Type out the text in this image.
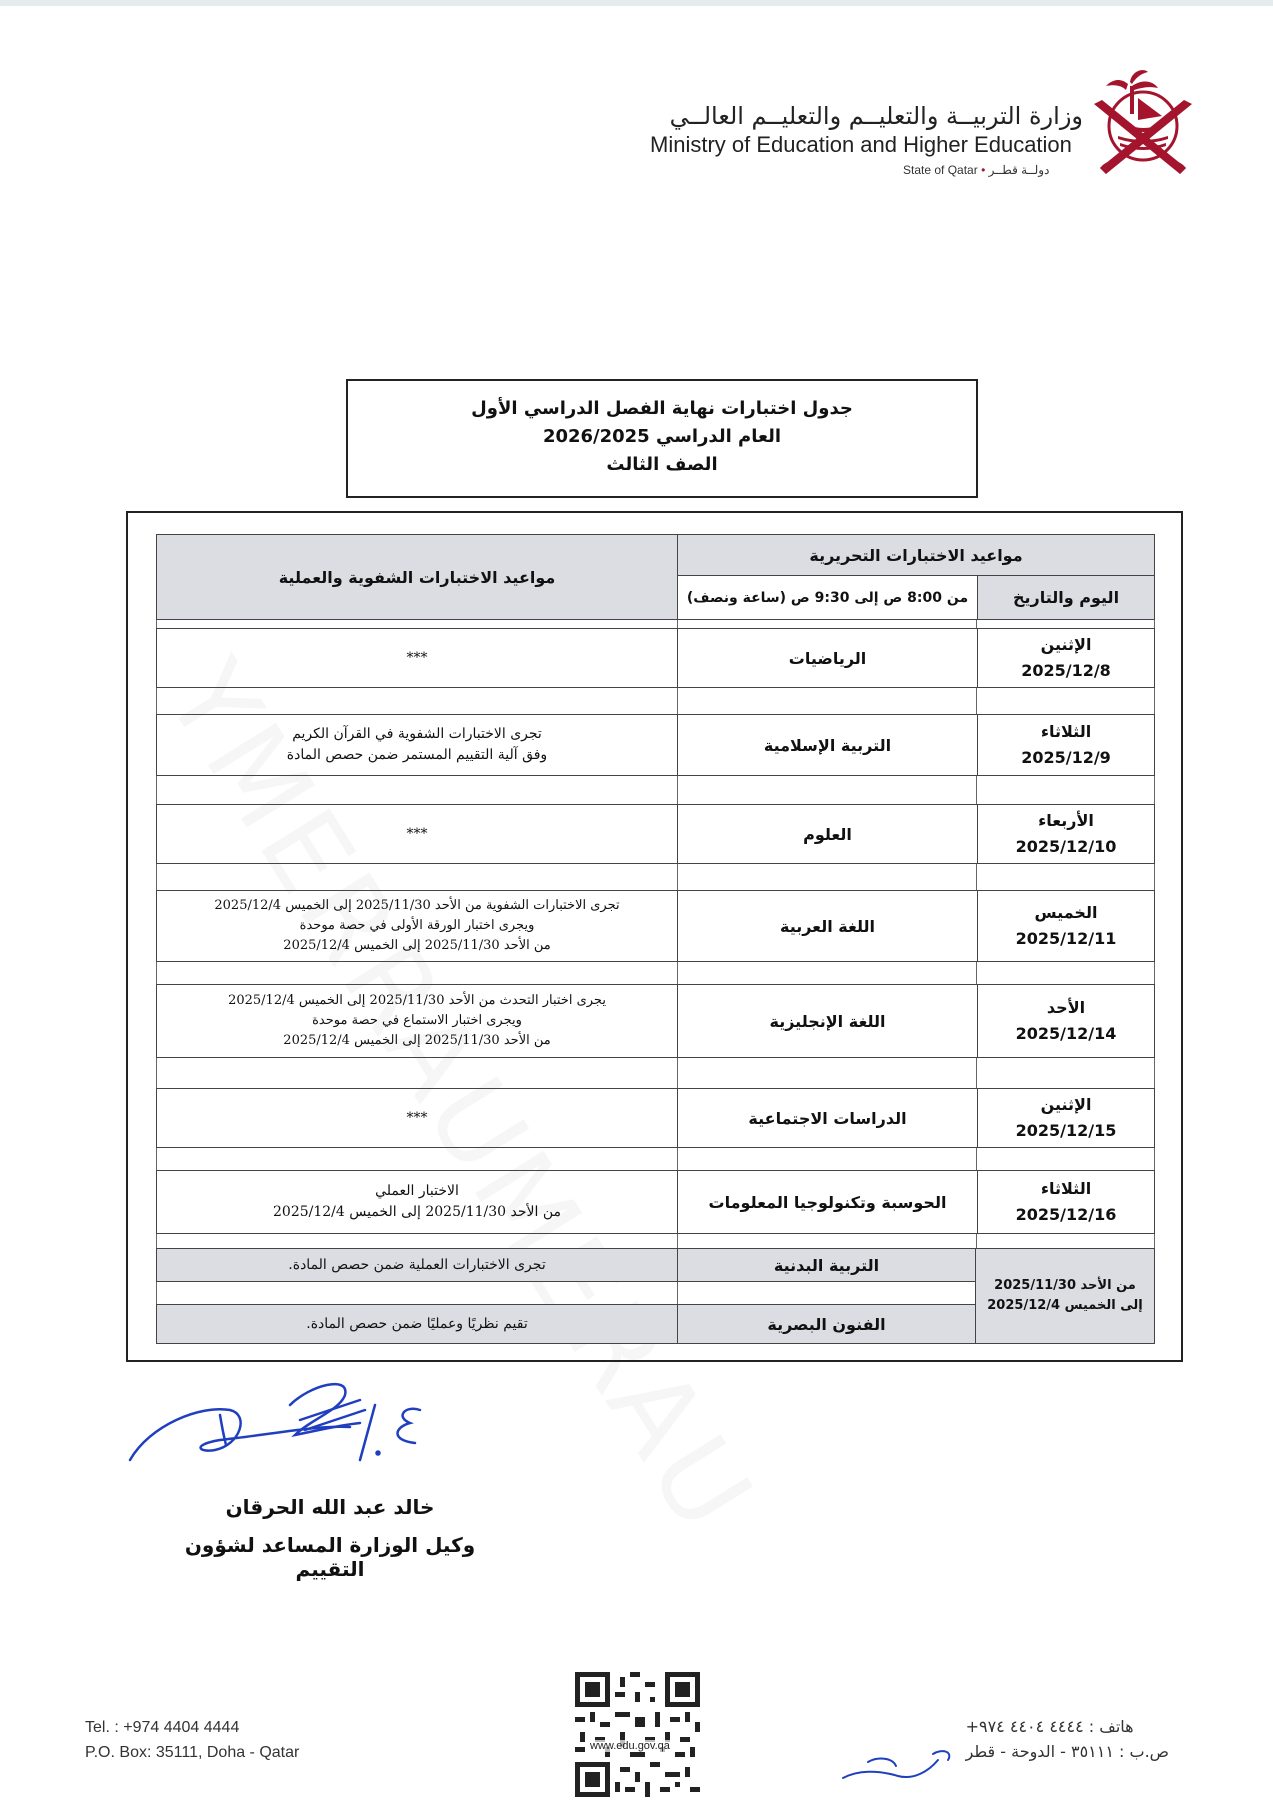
وزارة التربيــة والتعليــم والتعليــم العالــي
Ministry of Education and Higher Education
State of Qatar • دولــة قطــر
جدول اختبارات نهاية الفصل الدراسي الأول
العام الدراسي 2026/2025
الصف الثالث
مواعيد الاختبارات التحريرية
اليوم والتاريخ
من 8:00 ص إلى 9:30 ص (ساعة ونصف)
مواعيد الاختبارات الشفوية والعملية
الإثنين
2025/12/8
الرياضيات
***
الثلاثاء
2025/12/9
التربية الإسلامية
تجرى الاختبارات الشفوية في القرآن الكريم
وفق آلية التقييم المستمر ضمن حصص المادة
الأربعاء
2025/12/10
العلوم
***
الخميس
2025/12/11
اللغة العربية
تجرى الاختبارات الشفوية من الأحد 2025/11/30 إلى الخميس 2025/12/4
ويجرى اختبار الورقة الأولى في حصة موحدة
من الأحد 2025/11/30 إلى الخميس 2025/12/4
الأحد
2025/12/14
اللغة الإنجليزية
يجرى اختبار التحدث من الأحد 2025/11/30 إلى الخميس 2025/12/4
ويجرى اختبار الاستماع في حصة موحدة
من الأحد 2025/11/30 إلى الخميس 2025/12/4
الإثنين
2025/12/15
الدراسات الاجتماعية
***
الثلاثاء
2025/12/16
الحوسبة وتكنولوجيا المعلومات
الاختبار العملي
من الأحد 2025/11/30 إلى الخميس 2025/12/4
من الأحد 2025/11/30
إلى الخميس 2025/12/4
التربية البدنية
تجرى الاختبارات العملية ضمن حصص المادة.
الفنون البصرية
تقيم نظريًا وعمليًا ضمن حصص المادة.
خالد عبد الله الحرقان
وكيل الوزارة المساعد لشؤون التقييم
Tel. : +974 4404 4444
P.O. Box: 35111, Doha - Qatar	www.edu.gov.qa
هاتف : ٤٤٤٤ ٤٤٠٤ ٩٧٤+
ص.ب : ٣٥١١١ - الدوحة - قطر
